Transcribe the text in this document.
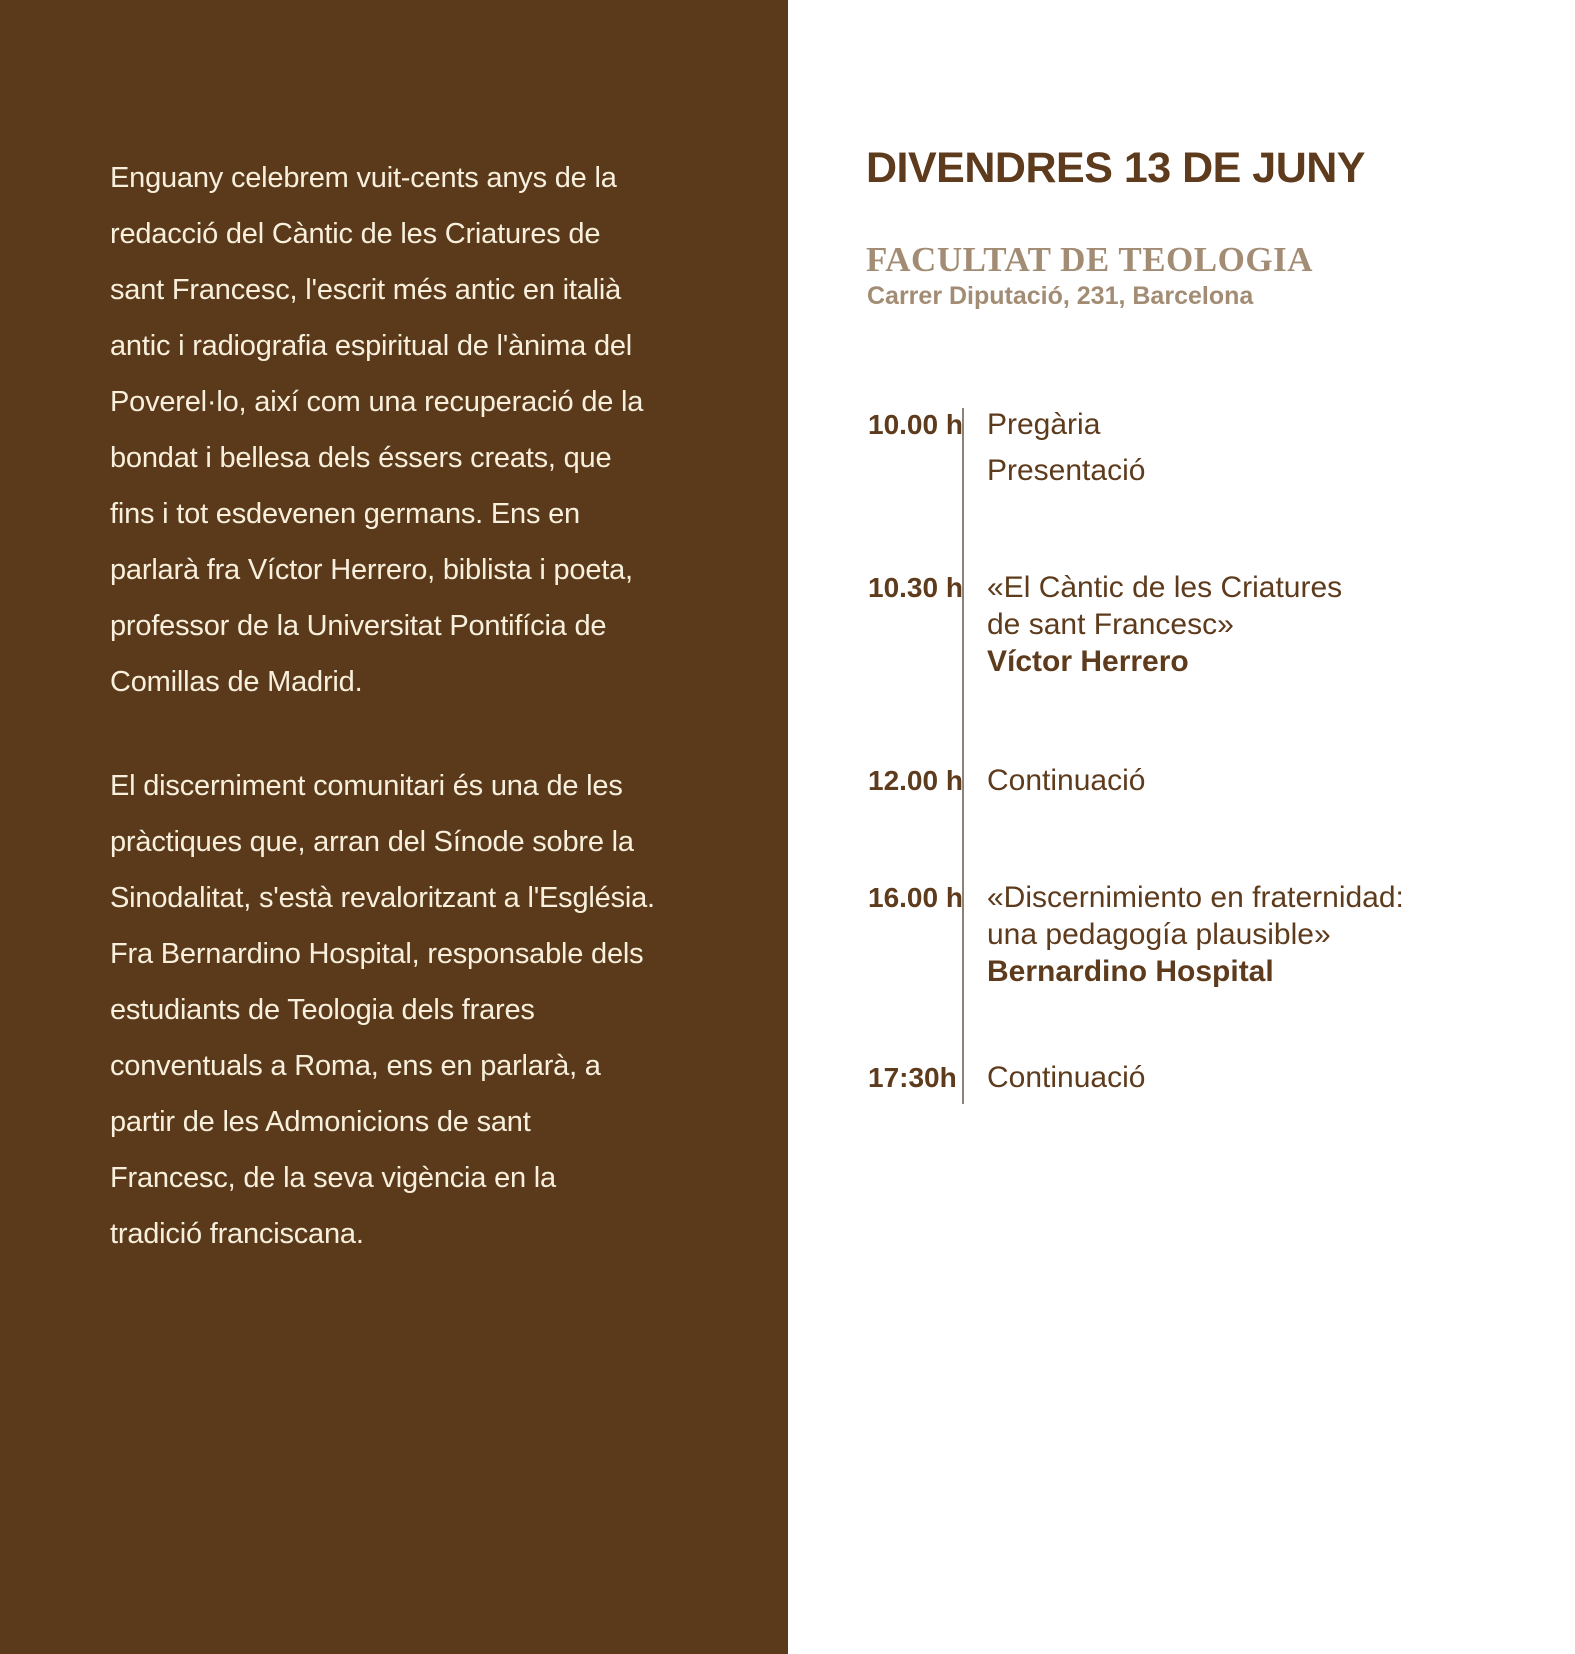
Enguany celebrem vuit-cents anys de la redacció del Càntic de les Criatures de sant Francesc, l'escrit més antic en italià antic i radiografia espiritual de l'ànima del Poverel·lo, així com una recuperació de la bondat i bellesa dels éssers creats, que fins i tot esdevenen germans. Ens en parlarà fra Víctor Herrero, biblista i poeta, professor de la Universitat Pontifícia de Comillas de Madrid.

El discerniment comunitari és una de les pràctiques que, arran del Sínode sobre la Sinodalitat, s'està revaloritzant a l'Església. Fra Bernardino Hospital, responsable dels estudiants de Teologia dels frares conventuals a Roma, ens en parlarà, a partir de les Admonicions de sant Francesc, de la seva vigència en la tradició franciscana.

DIVENDRES 13 DE JUNY
FACULTAT DE TEOLOGIA
Carrer Diputació, 231, Barcelona
10.00 h Pregària
Presentació
10.30 h «El Càntic de les Criatures
de sant Francesc»
Víctor Herrero
12.00 h Continuació
16.00 h «Discernimiento en fraternidad:
una pedagogía plausible»
Bernardino Hospital
17:30h Continuació
